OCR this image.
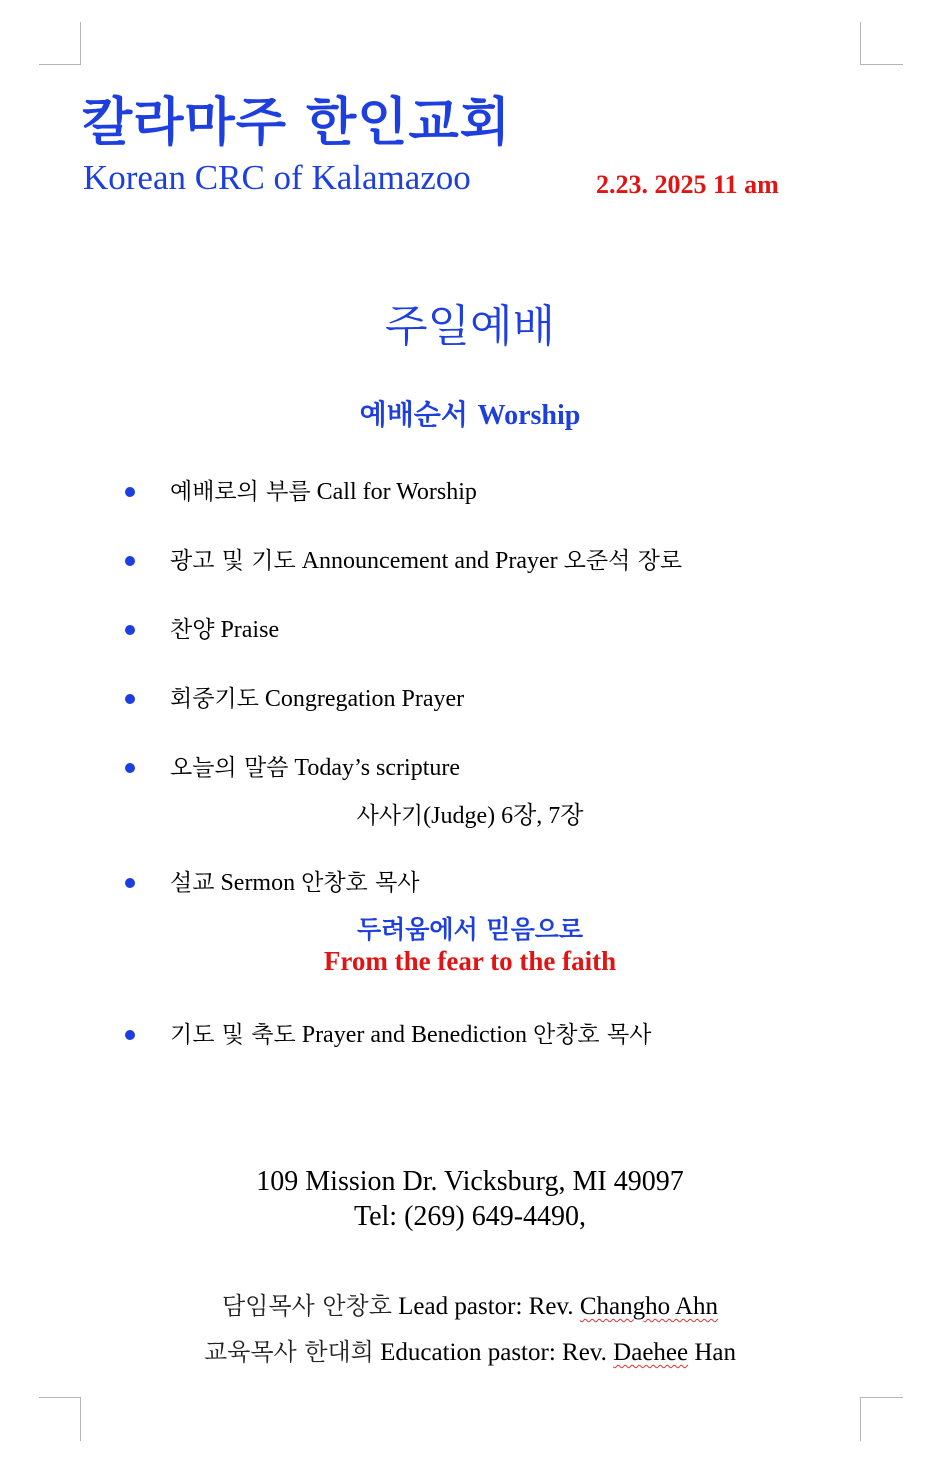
칼라마주 한인교회
Korean CRC of Kalamazoo	2.23. 2025 11 am
주일예배
예배순서 Worship
예배로의 부름 Call for Worship
광고 및 기도 Announcement and Prayer 오준석 장로
찬양 Praise
회중기도 Congregation Prayer
오늘의 말씀 Today’s scripture
사사기(Judge) 6장, 7장
설교 Sermon 안창호 목사
두려움에서 믿음으로
From the fear to the faith
기도 및 축도 Prayer and Benediction 안창호 목사
109 Mission Dr. Vicksburg, MI 49097
Tel: (269) 649-4490,
담임목사 안창호 Lead pastor: Rev. Changho Ahn
교육목사 한대희 Education pastor: Rev. Daehee Han
